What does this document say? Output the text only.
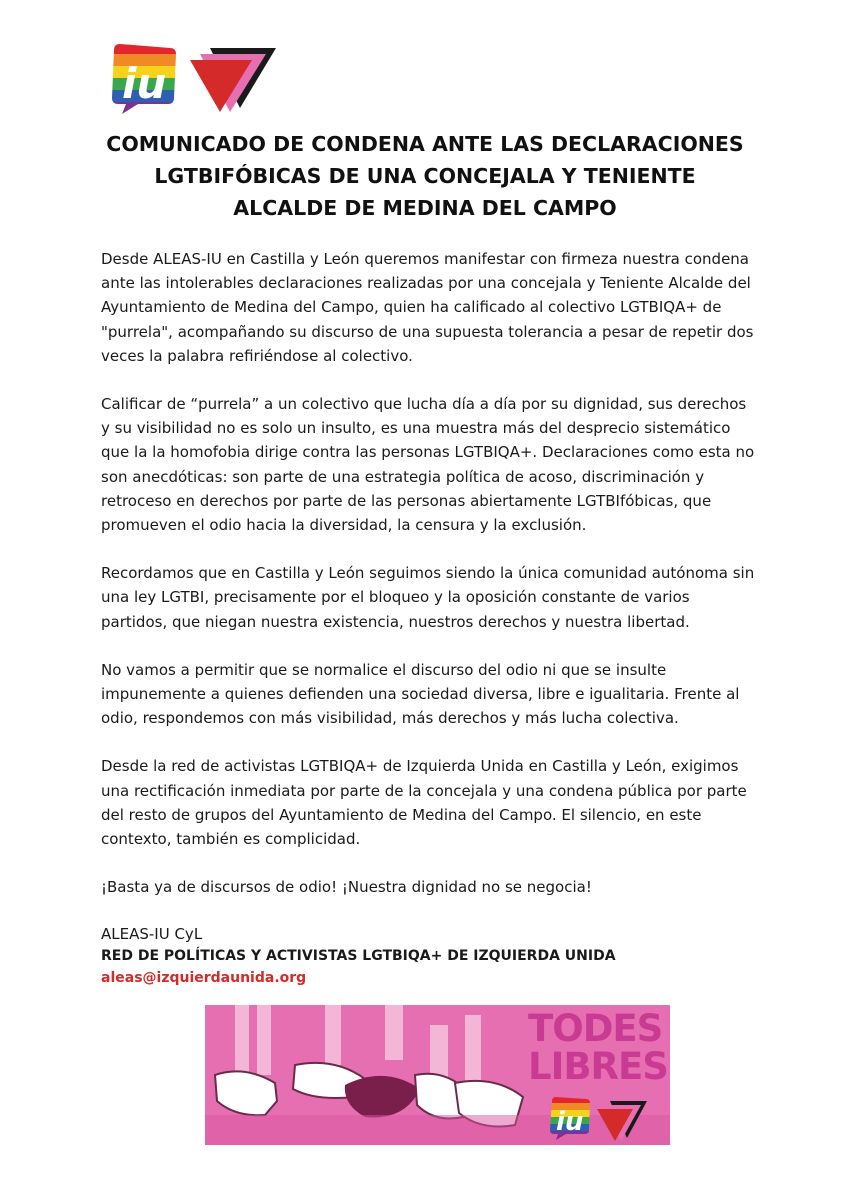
iu
COMUNICADO DE CONDENA ANTE LAS DECLARACIONES LGTBIFÓBICAS DE UNA CONCEJALA Y TENIENTE ALCALDE DE MEDINA DEL CAMPO

Desde ALEAS-IU en Castilla y León queremos manifestar con firmeza nuestra condena ante las intolerables declaraciones realizadas por una concejala y Teniente Alcalde del Ayuntamiento de Medina del Campo, quien ha calificado al colectivo LGTBIQA+ de "purrela", acompañando su discurso de una supuesta tolerancia a pesar de repetir dos veces la palabra refiriéndose al colectivo.

Calificar de “purrela” a un colectivo que lucha día a día por su dignidad, sus derechos y su visibilidad no es solo un insulto, es una muestra más del desprecio sistemático que la la homofobia dirige contra las personas LGTBIQA+. Declaraciones como esta no son anecdóticas: son parte de una estrategia política de acoso, discriminación y retroceso en derechos por parte de las personas abiertamente LGTBIfóbicas, que promueven el odio hacia la diversidad, la censura y la exclusión.

Recordamos que en Castilla y León seguimos siendo la única comunidad autónoma sin una ley LGTBI, precisamente por el bloqueo y la oposición constante de varios partidos, que niegan nuestra existencia, nuestros derechos y nuestra libertad.

No vamos a permitir que se normalice el discurso del odio ni que se insulte impunemente a quienes defienden una sociedad diversa, libre e igualitaria. Frente al odio, respondemos con más visibilidad, más derechos y más lucha colectiva.

Desde la red de activistas LGTBIQA+ de Izquierda Unida en Castilla y León, exigimos una rectificación inmediata por parte de la concejala y una condena pública por parte del resto de grupos del Ayuntamiento de Medina del Campo. El silencio, en este contexto, también es complicidad.

¡Basta ya de discursos de odio! ¡Nuestra dignidad no se negocia!

ALEAS-IU CyL
RED DE POLÍTICAS Y ACTIVISTAS LGTBIQA+ DE IZQUIERDA UNIDA
aleas@izquierdaunida.org
TODES
LIBRES
iu
